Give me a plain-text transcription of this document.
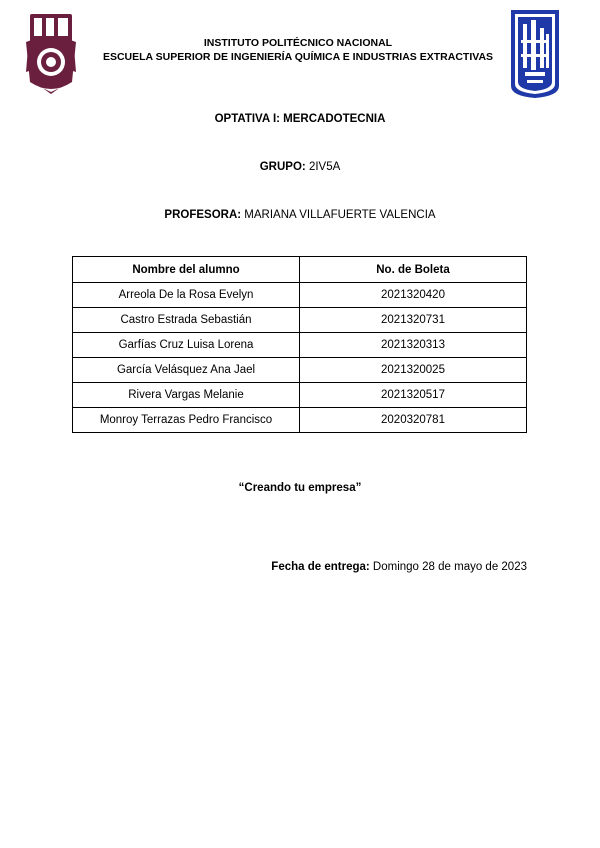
INSTITUTO POLITÉCNICO NACIONAL
ESCUELA SUPERIOR DE INGENIERÍA QUÍMICA E INDUSTRIAS EXTRACTIVAS
OPTATIVA I: MERCADOTECNIA
GRUPO: 2IV5A
PROFESORA: MARIANA VILLAFUERTE VALENCIA
Nombre del alumno	No. de Boleta
Arreola De la Rosa Evelyn	2021320420
Castro Estrada Sebastián	2021320731
Garfías Cruz Luisa Lorena	2021320313
García Velásquez Ana Jael	2021320025
Rivera Vargas Melanie	2021320517
Monroy Terrazas Pedro Francisco	2020320781
“Creando tu empresa”
Fecha de entrega: Domingo 28 de mayo de 2023
